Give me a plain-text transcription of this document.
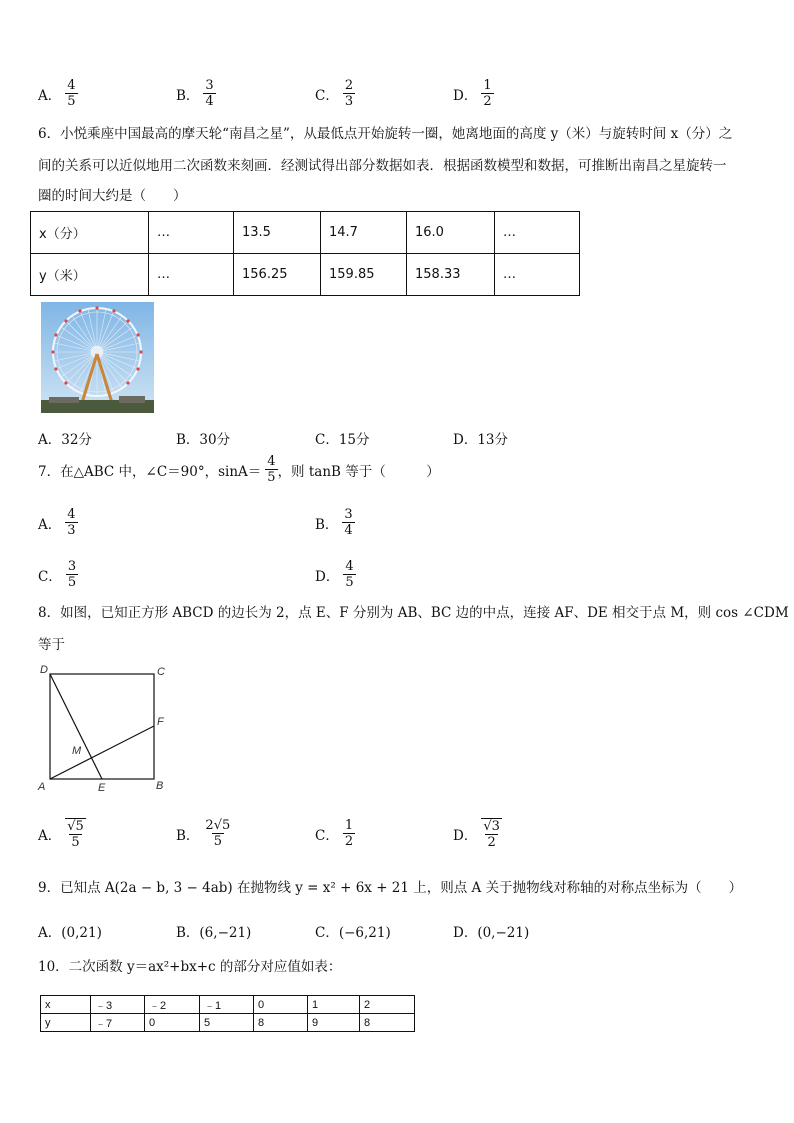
A． $\frac{4}{5}$	B． $\frac{3}{4}$	C． $\frac{2}{3}$	D． $\frac{1}{2}$
6．小悦乘座中国最高的摩天轮“南昌之星”，从最低点开始旋转一圈，她离地面的高度 y（米）与旋转时间 x（分）之
间的关系可以近似地用二次函数来刻画．经测试得出部分数据如表．根据函数模型和数据，可推断出南昌之星旋转一
圈的时间大约是（　　）
x（分）	…	13.5	14.7	16.0	…
y（米）	…	156.25	159.85	158.33	…
A．32分	B．30分	C．15分	D．13分
7．在△ABC 中，∠C＝90°，$\sin A= \frac{4}{5}$ ，则 tanB 等于（　　　）
A． $\frac{4}{3}$	B． $\frac{3}{4}$
C． $\frac{3}{5}$	D． $\frac{4}{5}$
8．如图，已知正方形 ABCD 的边长为 2，点 E、F 分别为 AB、BC 边的中点，连接 AF、DE 相交于点 M，则 cos ∠CDM
等于
D	C
F
M
A	E	B
A． $\frac{√5}{5}$	B． $\frac{2√5}{5}$	C． $\frac{1}{2}$	D． $\frac{√3}{2}$
9．已知点 A(2a − b, 3 − 4ab) 在抛物线 y = x² + 6x + 21 上，则点 A 关于抛物线对称轴的对称点坐标为（　　）
A．(0,21)	B．(6,−21)	C．(−6,21)	D．(0,−21)
10．二次函数 y＝ax²+bx+c 的部分对应值如表：
x	﹣3	﹣2	﹣1	0	1	2
y	﹣7	0	5	8	9	8
